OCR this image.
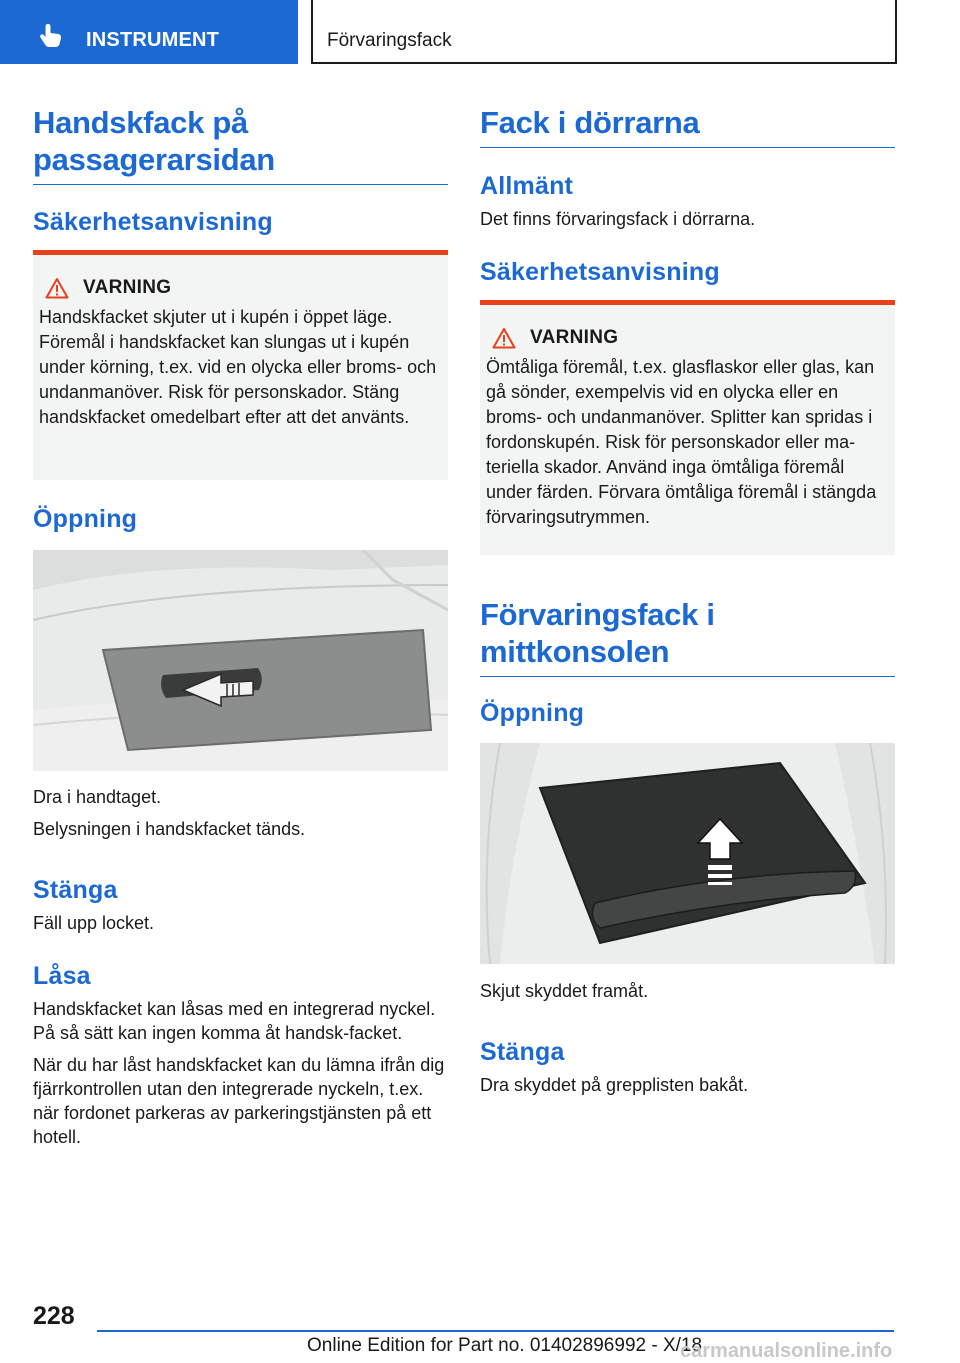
INSTRUMENT	Förvaringsfack
Handskfack på passagerarsidan
Säkerhetsanvisning
VARNING

Handskfacket skjuter ut i kupén i öppet läge. Föremål i handskfacket kan slungas ut i kupén under körning, t.ex. vid en olycka eller broms- och undanmanöver. Risk för personskador. Stäng handskfacket omedelbart efter att det använts.

Öppning

Dra i handtaget.

Belysningen i handskfacket tänds.

Stänga

Fäll upp locket.

Låsa

Handskfacket kan låsas med en integrerad nyckel. På så sätt kan ingen komma åt handsk-facket.

När du har låst handskfacket kan du lämna ifrån dig fjärrkontrollen utan den integrerade nyckeln, t.ex. när fordonet parkeras av parkeringstjänsten på ett hotell.

Fack i dörrarna
Allmänt

Det finns förvaringsfack i dörrarna.

Säkerhetsanvisning
VARNING

Ömtåliga föremål, t.ex. glasflaskor eller glas, kan gå sönder, exempelvis vid en olycka eller en broms- och undanmanöver. Splitter kan spridas i fordonskupén. Risk för personskador eller ma-teriella skador. Använd inga ömtåliga föremål under färden. Förvara ömtåliga föremål i stängda förvaringsutrymmen.

Förvaringsfack i mittkonsolen
Öppning

Skjut skyddet framåt.

Stänga

Dra skyddet på grepplisten bakåt.

228
Online Edition for Part no. 01402896992 - X/18
carmanualsonline.info
